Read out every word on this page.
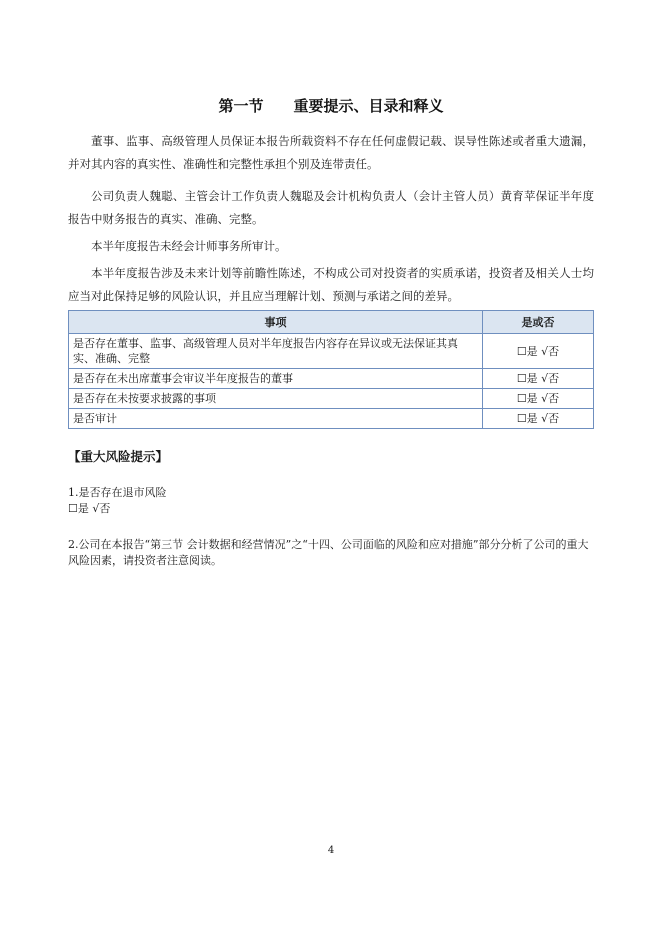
第一节 重要提示、目录和释义
董事、监事、高级管理人员保证本报告所载资料不存在任何虚假记载、误导性陈述或者重大遗漏，并对其内容的真实性、准确性和完整性承担个别及连带责任。
公司负责人魏聪、主管会计工作负责人魏聪及会计机构负责人（会计主管人员）黄育苹保证半年度报告中财务报告的真实、准确、完整。
本半年度报告未经会计师事务所审计。
本半年度报告涉及未来计划等前瞻性陈述，不构成公司对投资者的实质承诺，投资者及相关人士均应当对此保持足够的风险认识，并且应当理解计划、预测与承诺之间的差异。
事项	是或否
是否存在董事、监事、高级管理人员对半年度报告内容存在异议或无法保证其真实、准确、完整	☐是 √否
是否存在未出席董事会审议半年度报告的董事	☐是 √否
是否存在未按要求披露的事项	☐是 √否
是否审计	☐是 √否
【重大风险提示】
1.是否存在退市风险
☐是 √否
2.公司在本报告“第三节 会计数据和经营情况”之“十四、公司面临的风险和应对措施”部分分析了公司的重大风险因素，请投资者注意阅读。
4
